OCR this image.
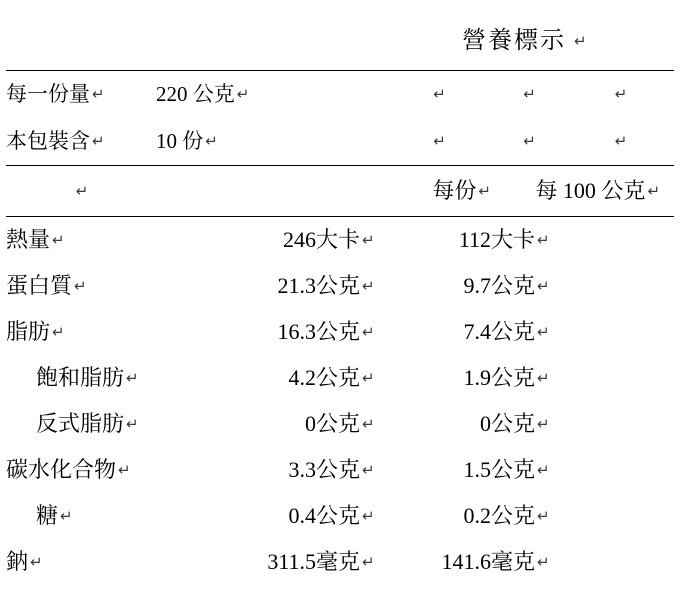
營養標示					↵
每一份量 ↵	220 公克 ↵		↵	↵	↵
本包裝含 ↵	10 份 ↵		↵	↵	↵
↵		每份 ↵		每 100 公克 ↵	
熱量 ↵	246	大卡 ↵	112	大卡 ↵	
蛋白質 ↵	21.3	公克 ↵	9.7	公克 ↵	
脂肪 ↵	16.3	公克 ↵	7.4	公克 ↵	
飽和脂肪 ↵	4.2	公克 ↵	1.9	公克 ↵	
反式脂肪 ↵	0	公克 ↵	0	公克 ↵	
碳水化合物 ↵	3.3	公克 ↵	1.5	公克 ↵	
糖 ↵	0.4	公克 ↵	0.2	公克 ↵	
鈉 ↵	311.5	毫克 ↵	141.6	毫克 ↵	
